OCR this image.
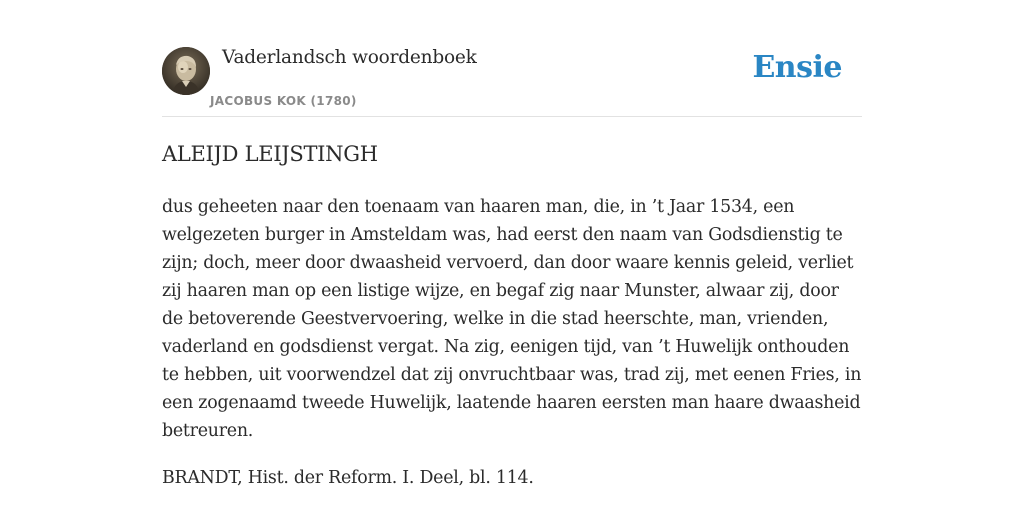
Vaderlandsch woordenboek
JACOBUS KOK (1780)
Ensie
ALEIJD LEIJSTINGH

dus geheeten naar den toenaam van haaren man, die, in ’t Jaar 1534, een welgezeten burger in Amsteldam was, had eerst den naam van Godsdienstig te zijn; doch, meer door dwaasheid vervoerd, dan door waare kennis geleid, verliet zij haaren man op een listige wijze, en begaf zig naar Munster, alwaar zij, door de betoverende Geestvervoering, welke in die stad heerschte, man, vrienden, vaderland en godsdienst vergat. Na zig, eenigen tijd, van ’t Huwelijk onthouden te hebben, uit voorwendzel dat zij onvruchtbaar was, trad zij, met eenen Fries, in een zogenaamd tweede Huwelijk, laatende haaren eersten man haare dwaasheid betreuren.

BRANDT, Hist. der Reform. I. Deel, bl. 114.
